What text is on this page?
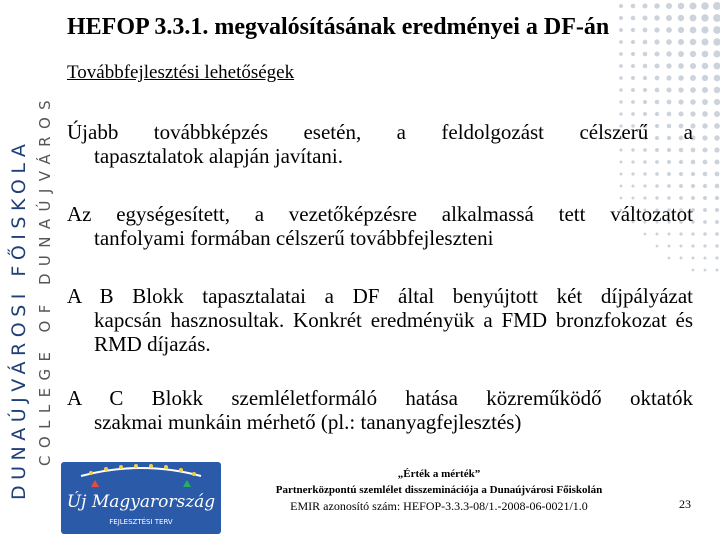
DUNAÚJVÁROSI FŐISKOLA COLLEGE OF DUNAÚJVÁROS
HEFOP 3.3.1. megvalósításának eredményei a DF-án
Továbbfejlesztési lehetőségek
Újabb továbbképzés esetén, a feldolgozást célszerű a
tapasztalatok alapján javítani.
Az egységesített, a vezetőképzésre alkalmassá tett változatot
tanfolyami formában célszerű továbbfejleszteni
A B Blokk tapasztalatai a DF által benyújtott két díjpályázat
kapcsán hasznosultak. Konkrét eredményük a FMD bronzfokozat és RMD díjazás.
A C Blokk szemléletformáló hatása közreműködő oktatók
szakmai munkáin mérhető (pl.: tananyagfejlesztés)
Új Magyarország
FEJLESZTÉSI TERV
„Érték a mérték”
Partnerközpontú szemlélet disszeminációja a Dunaújvárosi Főiskolán
EMIR azonosító szám: HEFOP-3.3.3-08/1.-2008-06-0021/1.0	23
